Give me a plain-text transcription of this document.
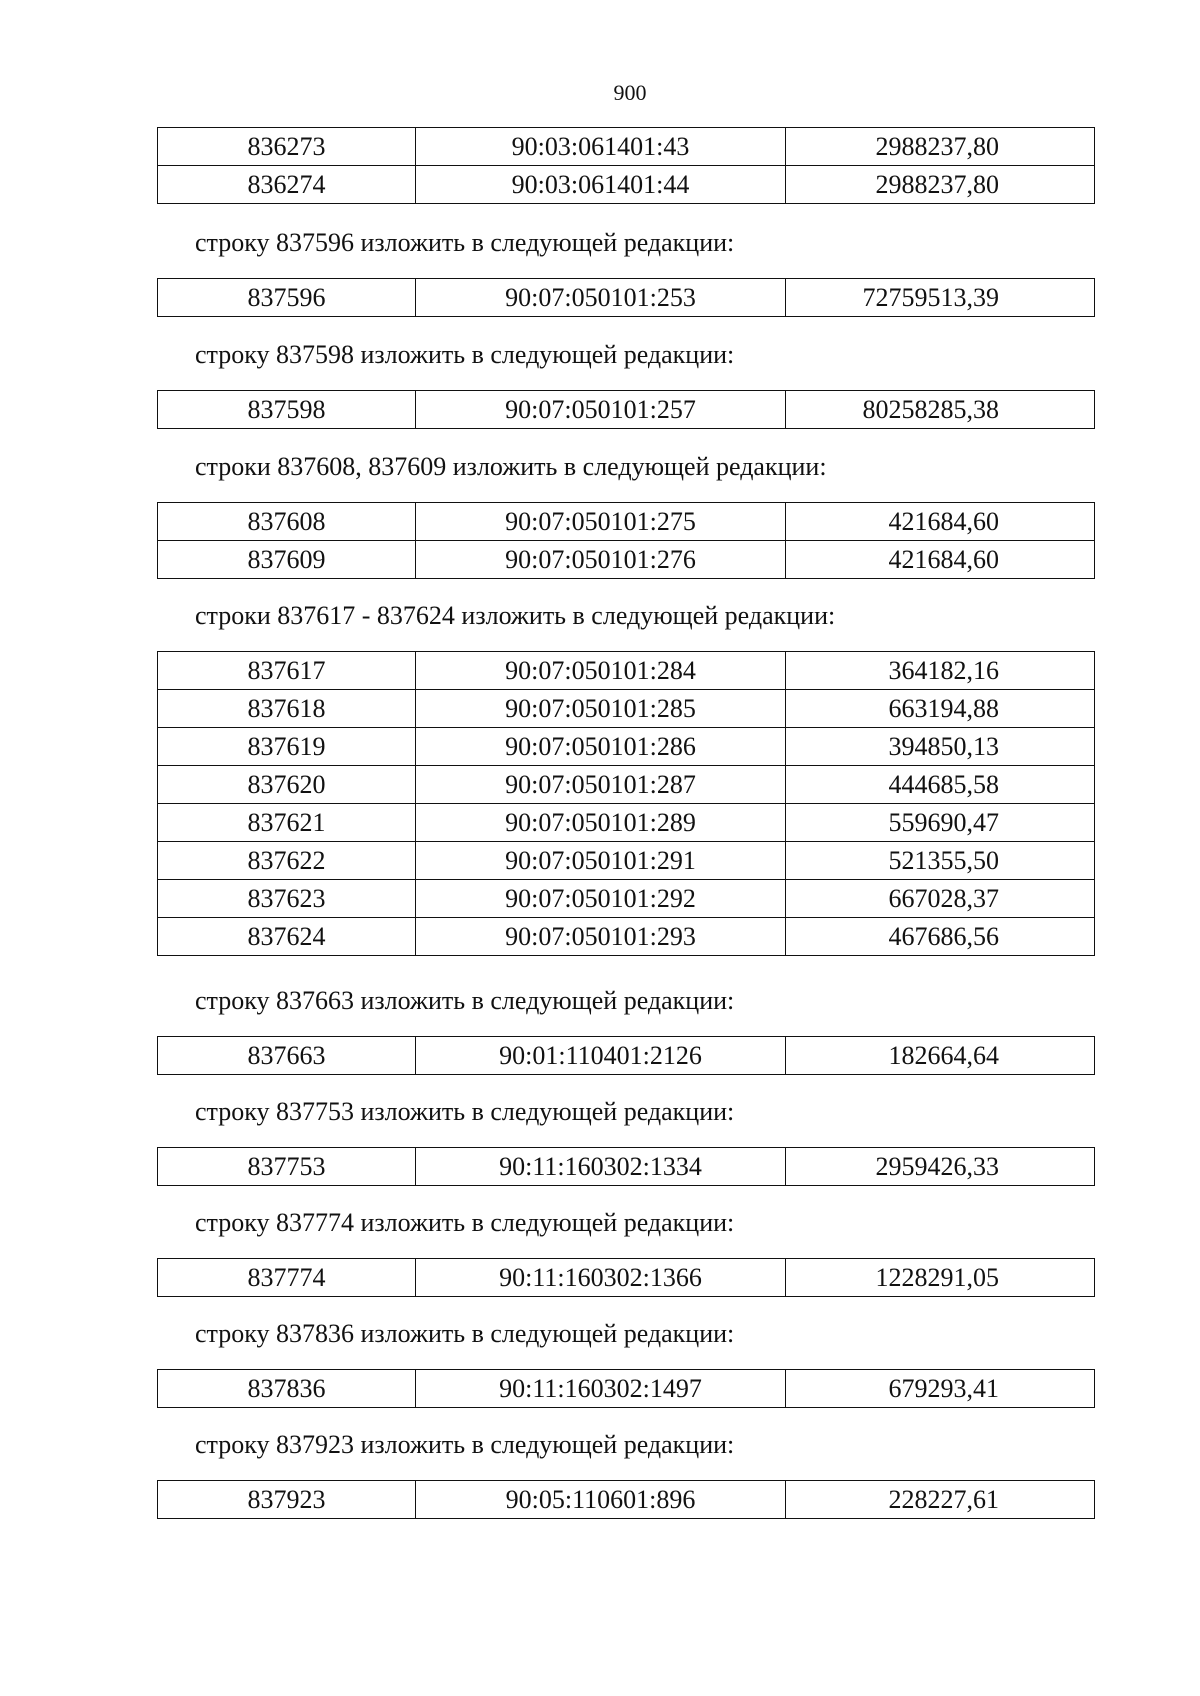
900
836273	90:03:061401:43	2988237,80
836274	90:03:061401:44	2988237,80
строку 837596 изложить в следующей редакции:
837596	90:07:050101:253	72759513,39
строку 837598 изложить в следующей редакции:
837598	90:07:050101:257	80258285,38
строки 837608, 837609 изложить в следующей редакции:
837608	90:07:050101:275	421684,60
837609	90:07:050101:276	421684,60
строки 837617 - 837624 изложить в следующей редакции:
837617	90:07:050101:284	364182,16
837618	90:07:050101:285	663194,88
837619	90:07:050101:286	394850,13
837620	90:07:050101:287	444685,58
837621	90:07:050101:289	559690,47
837622	90:07:050101:291	521355,50
837623	90:07:050101:292	667028,37
837624	90:07:050101:293	467686,56
строку 837663 изложить в следующей редакции:
837663	90:01:110401:2126	182664,64
строку 837753 изложить в следующей редакции:
837753	90:11:160302:1334	2959426,33
строку 837774 изложить в следующей редакции:
837774	90:11:160302:1366	1228291,05
строку 837836 изложить в следующей редакции:
837836	90:11:160302:1497	679293,41
строку 837923 изложить в следующей редакции:
837923	90:05:110601:896	228227,61
